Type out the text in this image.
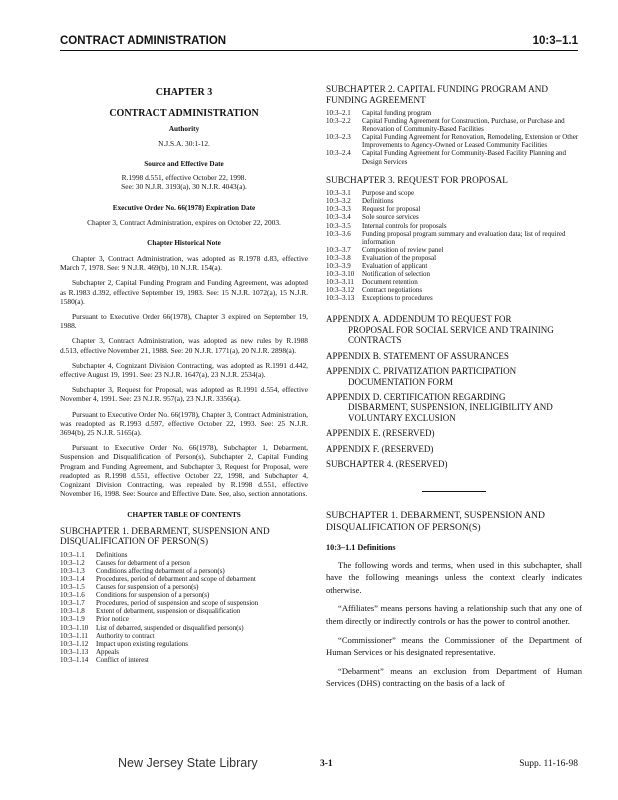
CONTRACT ADMINISTRATION	10:3–1.1
CHAPTER 3
CONTRACT ADMINISTRATION
Authority
N.J.S.A. 30:1-12.
Source and Effective Date
R.1998 d.551, effective October 22, 1998.
See: 30 N.J.R. 3193(a), 30 N.J.R. 4043(a).
Executive Order No. 66(1978) Expiration Date
Chapter 3, Contract Administration, expires on October 22, 2003.
Chapter Historical Note
Chapter 3, Contract Administration, was adopted as R.1978 d.83, effective March 7, 1978. See: 9 N.J.R. 469(b), 10 N.J.R. 154(a).
Subchapter 2, Capital Funding Program and Funding Agreement, was adopted as R.1983 d.392, effective September 19, 1983. See: 15 N.J.R. 1072(a), 15 N.J.R. 1580(a).
Pursuant to Executive Order 66(1978), Chapter 3 expired on September 19, 1988.
Chapter 3, Contract Administration, was adopted as new rules by R.1988 d.513, effective November 21, 1988. See: 20 N.J.R. 1771(a), 20 N.J.R. 2898(a).
Subchapter 4, Cognizant Division Contracting, was adopted as R.1991 d.442, effective August 19, 1991. See: 23 N.J.R. 1647(a), 23 N.J.R. 2534(a).
Subchapter 3, Request for Proposal, was adopted as R.1991 d.554, effective November 4, 1991. See: 23 N.J.R. 957(a), 23 N.J.R. 3356(a).
Pursuant to Executive Order No. 66(1978), Chapter 3, Contract Administration, was readopted as R.1993 d.597, effective October 22, 1993. See: 25 N.J.R. 3694(b), 25 N.J.R. 5165(a).
Pursuant to Executive Order No. 66(1978), Subchapter 1, Debarment, Suspension and Disqualification of Person(s), Subchapter 2, Capital Funding Program and Funding Agreement, and Subchapter 3, Request for Proposal, were readopted as R.1998 d.551, effective October 22, 1998, and Subchapter 4, Cognizant Division Contracting, was repealed by R.1998 d.551, effective November 16, 1998. See: Source and Effective Date. See, also, section annotations.
CHAPTER TABLE OF CONTENTS
SUBCHAPTER 1. DEBARMENT, SUSPENSION AND DISQUALIFICATION OF PERSON(S)
10:3–1.1	Definitions
10:3–1.2	Causes for debarment of a person
10:3–1.3	Conditions affecting debarment of a person(s)
10:3–1.4	Procedures, period of debarment and scope of debarment
10:3–1.5	Causes for suspension of a person(s)
10:3–1.6	Conditions for suspension of a person(s)
10:3–1.7	Procedures, period of suspension and scope of suspension
10:3–1.8	Extent of debarment, suspension or disqualification
10:3–1.9	Prior notice
10:3–1.10	List of debarred, suspended or disqualified person(s)
10:3–1.11	Authority to contract
10:3–1.12	Impact upon existing regulations
10:3–1.13	Appeals
10:3–1.14	Conflict of interest
SUBCHAPTER 2. CAPITAL FUNDING PROGRAM AND FUNDING AGREEMENT
10:3–2.1	Capital funding program
10:3–2.2	Capital Funding Agreement for Construction, Purchase, or Purchase and Renovation of Community-Based Facilities
10:3–2.3	Capital Funding Agreement for Renovation, Remodeling, Extension or Other Improvements to Agency-Owned or Leased Community Facilities
10:3–2.4	Capital Funding Agreement for Community-Based Facility Planning and Design Services
SUBCHAPTER 3. REQUEST FOR PROPOSAL
10:3–3.1	Purpose and scope
10:3–3.2	Definitions
10:3–3.3	Request for proposal
10:3–3.4	Sole source services
10:3–3.5	Internal controls for proposals
10:3–3.6	Funding proposal program summary and evaluation data; list of required information
10:3–3.7	Composition of review panel
10:3–3.8	Evaluation of the proposal
10:3–3.9	Evaluation of applicant
10:3–3.10	Notification of selection
10:3–3.11	Document retention
10:3–3.12	Contract negotiations
10:3–3.13	Exceptions to procedures
APPENDIX A. ADDENDUM TO REQUEST FOR
PROPOSAL FOR SOCIAL SERVICE AND TRAINING CONTRACTS
APPENDIX B. STATEMENT OF ASSURANCES
APPENDIX C. PRIVATIZATION PARTICIPATION
DOCUMENTATION FORM
APPENDIX D. CERTIFICATION REGARDING
DISBARMENT, SUSPENSION, INELIGIBILITY AND VOLUNTARY EXCLUSION
APPENDIX E. (RESERVED)
APPENDIX F. (RESERVED)
SUBCHAPTER 4. (RESERVED)
SUBCHAPTER 1. DEBARMENT, SUSPENSION AND DISQUALIFICATION OF PERSON(S)
10:3–1.1 Definitions
The following words and terms, when used in this subchapter, shall have the following meanings unless the context clearly indicates otherwise.
“Affiliates” means persons having a relationship such that any one of them directly or indirectly controls or has the power to control another.
“Commissioner” means the Commissioner of the Department of Human Services or his designated representative.
“Debarment” means an exclusion from Department of Human Services (DHS) contracting on the basis of a lack of
New Jersey State Library	3-1	Supp. 11-16-98
